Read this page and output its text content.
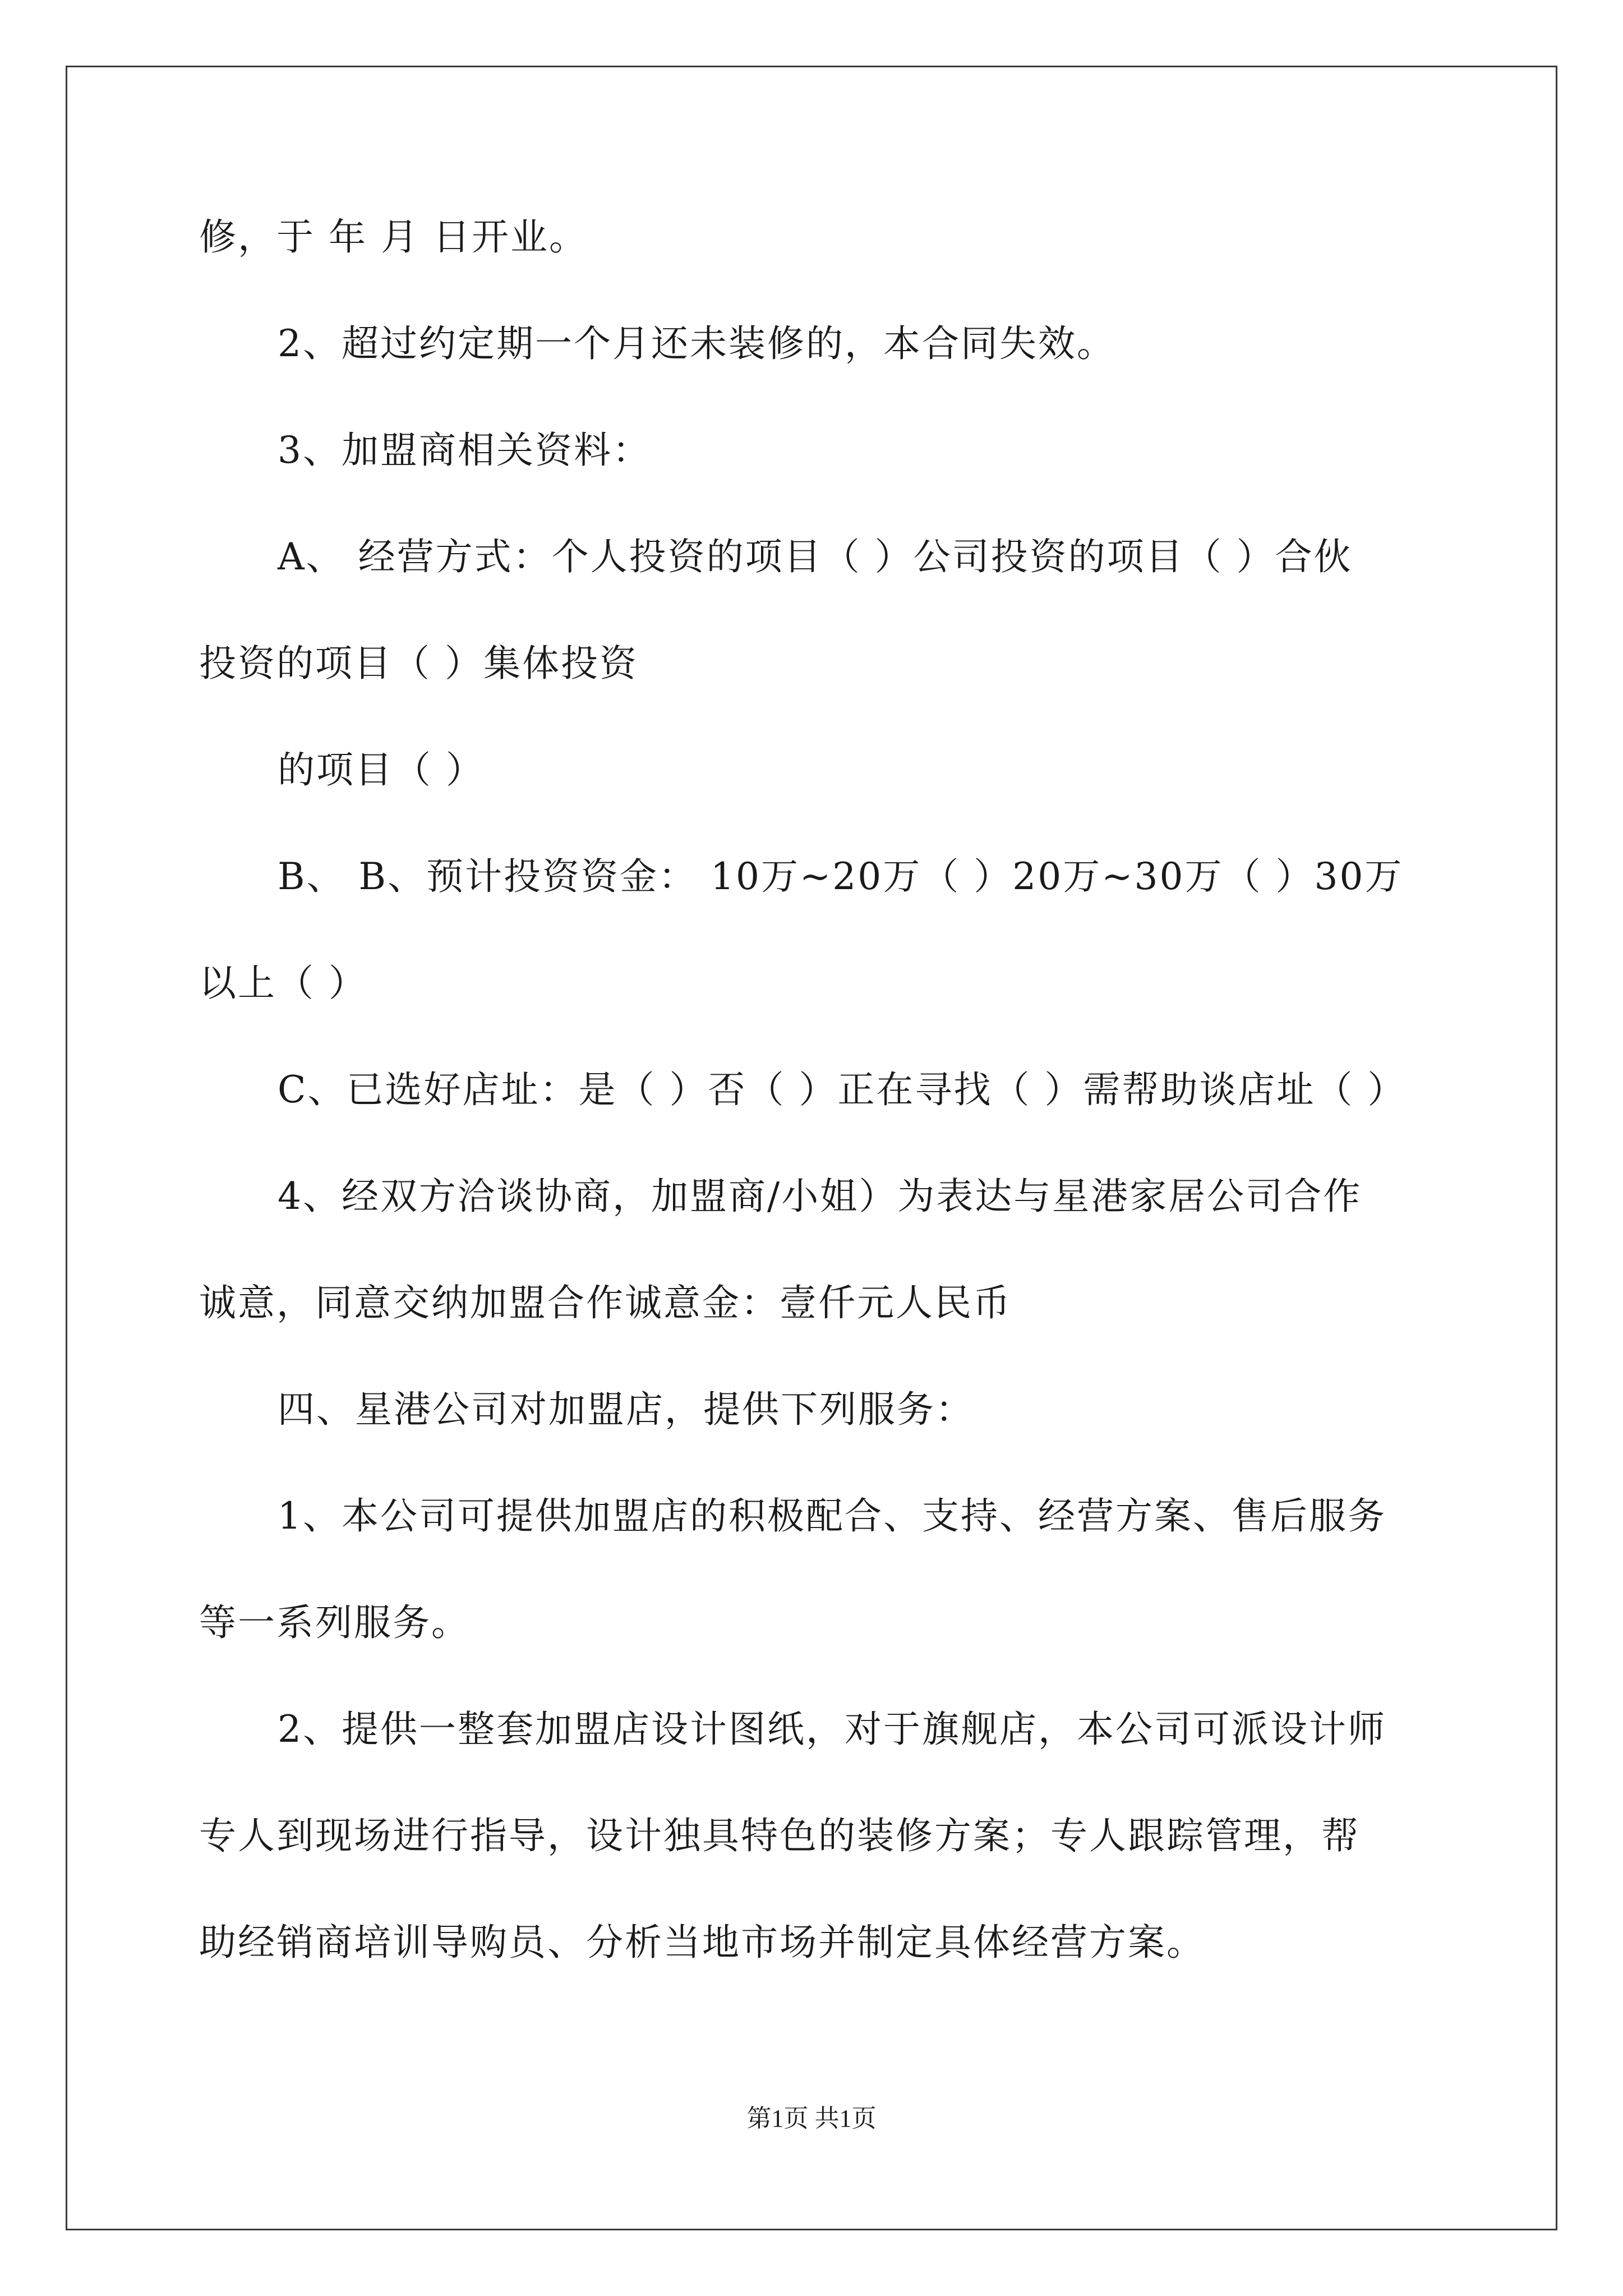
修，于 年 月 日开业。
2、超过约定期一个月还未装修的，本合同失效。
3、加盟商相关资料：
A、 经营方式：个人投资的项目（ ）公司投资的项目（ ）合伙
投资的项目（ ）集体投资
的项目（ ）
B、 B、预计投资资金： 10万~20万（ ）20万~30万（ ）30万
以上（ ）
C、已选好店址：是（ ）否（ ）正在寻找（ ）需帮助谈店址（ ）
4、经双方洽谈协商，加盟商/小姐）为表达与星港家居公司合作
诚意，同意交纳加盟合作诚意金：壹仟元人民币
四、星港公司对加盟店，提供下列服务：
1、本公司可提供加盟店的积极配合、支持、经营方案、售后服务
等一系列服务。
2、提供一整套加盟店设计图纸，对于旗舰店，本公司可派设计师
专人到现场进行指导，设计独具特色的装修方案；专人跟踪管理，帮
助经销商培训导购员、分析当地市场并制定具体经营方案。
第1页 共1页
